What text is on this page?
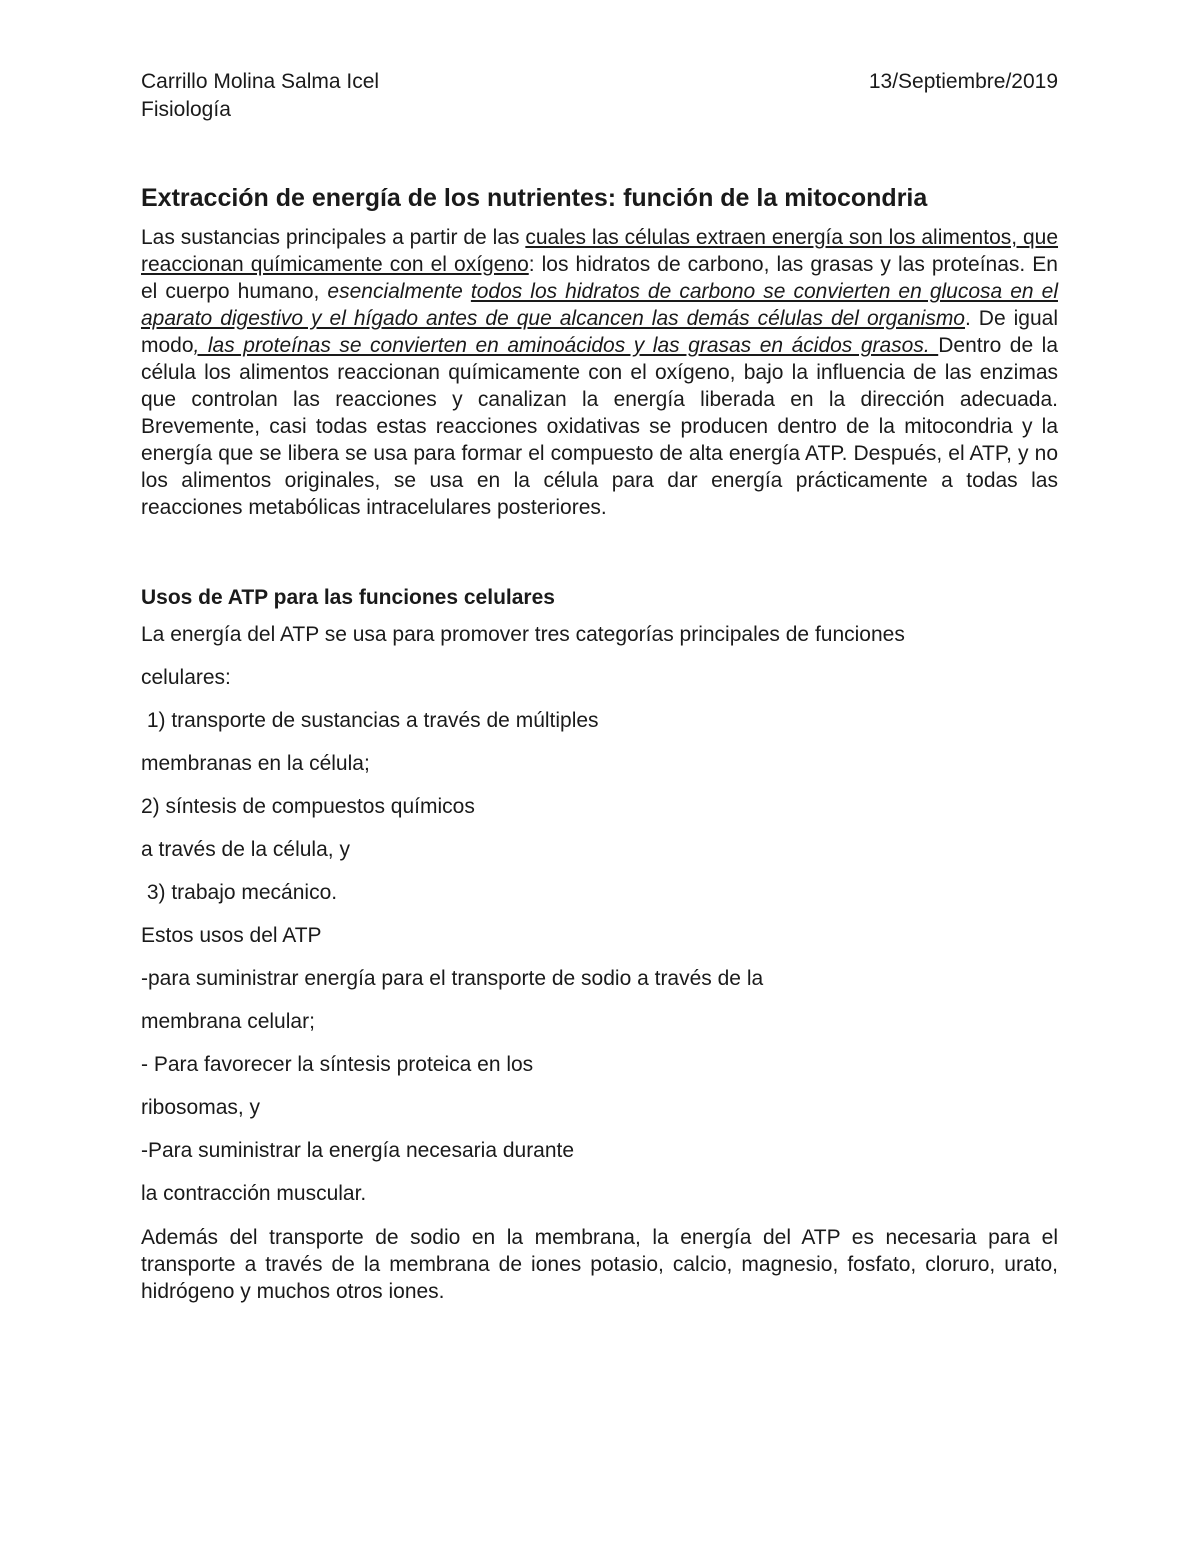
Carrillo Molina Salma Icel	13/Septiembre/2019
Fisiología
Extracción de energía de los nutrientes: función de la mitocondria

Las sustancias principales a partir de las cuales las células extraen energía son los alimentos, que reaccionan químicamente con el oxígeno: los hidratos de carbono, las grasas y las proteínas. En el cuerpo humano, esencialmente todos los hidratos de carbono se convierten en glucosa en el aparato digestivo y el hígado antes de que alcancen las demás células del organismo. De igual modo, las proteínas se convierten en aminoácidos y las grasas en ácidos grasos. Dentro de la célula los alimentos reaccionan químicamente con el oxígeno, bajo la influencia de las enzimas que controlan las reacciones y canalizan la energía liberada en la dirección adecuada. Brevemente, casi todas estas reacciones oxidativas se producen dentro de la mitocondria y la energía que se libera se usa para formar el compuesto de alta energía ATP. Después, el ATP, y no los alimentos originales, se usa en la célula para dar energía prácticamente a todas las reacciones metabólicas intracelulares posteriores.

Usos de ATP para las funciones celulares

La energía del ATP se usa para promover tres categorías principales de funciones

celulares:

1) transporte de sustancias a través de múltiples

membranas en la célula;

2) síntesis de compuestos químicos

a través de la célula, y

3) trabajo mecánico.

Estos usos del ATP

-para suministrar energía para el transporte de sodio a través de la

membrana celular;

- Para favorecer la síntesis proteica en los

ribosomas, y

-Para suministrar la energía necesaria durante

la contracción muscular.

Además del transporte de sodio en la membrana, la energía del ATP es necesaria para el transporte a través de la membrana de iones potasio, calcio, magnesio, fosfato, cloruro, urato, hidrógeno y muchos otros iones.
